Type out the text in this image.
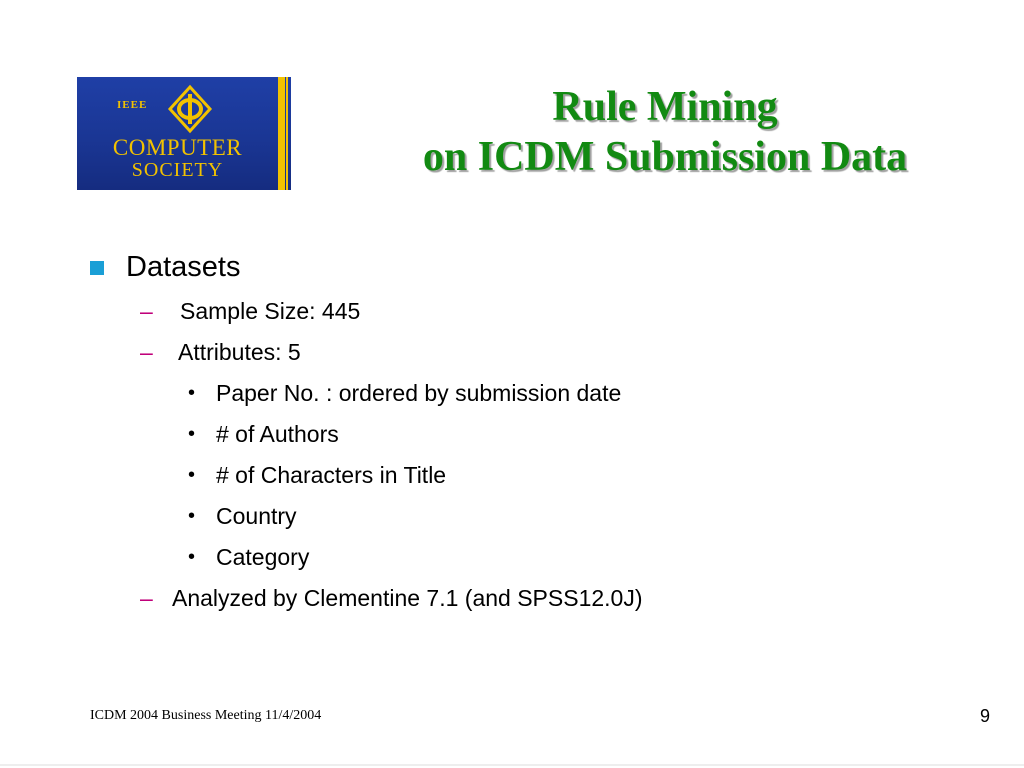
IEEE
COMPUTER
SOCIETY
Rule Mining
on ICDM Submission Data
Datasets
– Sample Size: 445
– Attributes: 5
• Paper No. : ordered by submission date
• # of Authors
• # of Characters in Title
• Country
• Category
– Analyzed by Clementine 7.1 (and SPSS12.0J)
ICDM 2004 Business Meeting 11/4/2004	9
